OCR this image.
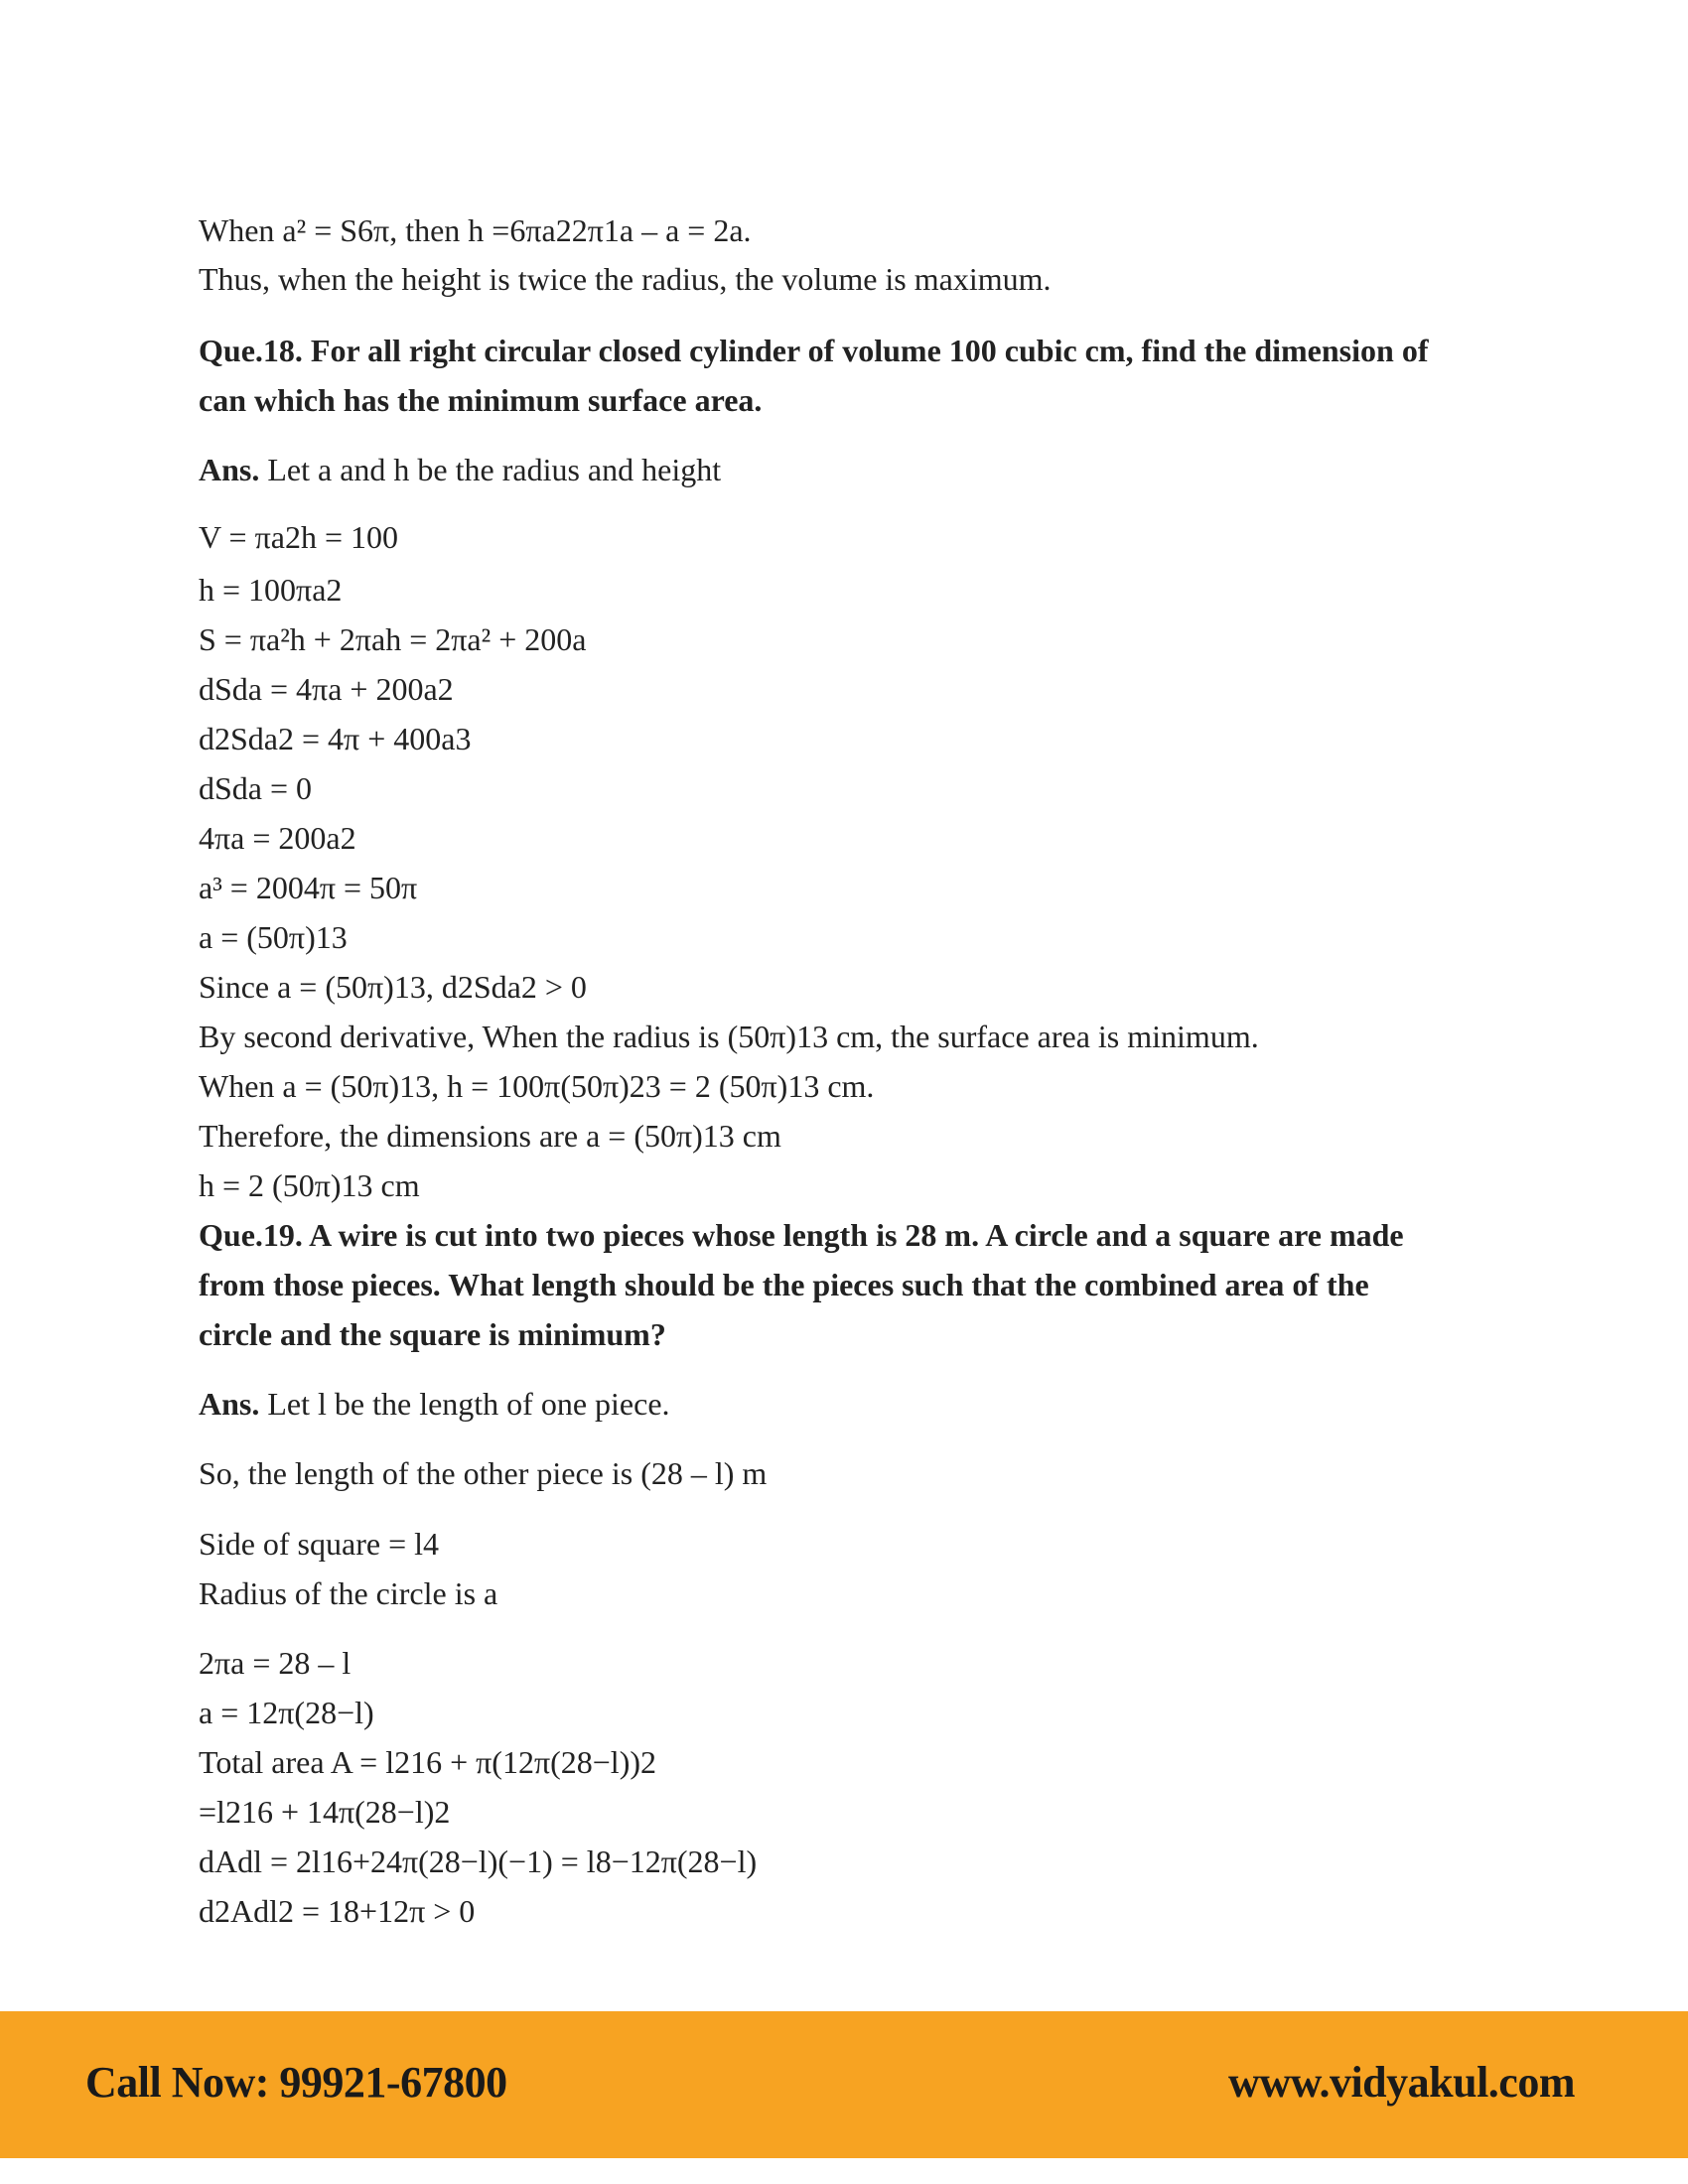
When a² = S6π, then h =6πa22π1a – a = 2a.
Thus, when the height is twice the radius, the volume is maximum.
Que.18. For all right circular closed cylinder of volume 100 cubic cm, find the dimension of
can which has the minimum surface area.
Ans. Let a and h be the radius and height
V = πa2h = 100
h = 100πa2
S = πa²h + 2πah = 2πa² + 200a
dSda = 4πa + 200a2
d2Sda2 = 4π + 400a3
dSda = 0
4πa = 200a2
a³ = 2004π = 50π
a = (50π)13
Since a = (50π)13, d2Sda2 > 0
By second derivative, When the radius is (50π)13 cm, the surface area is minimum.
When a = (50π)13, h = 100π(50π)23 = 2 (50π)13 cm.
Therefore, the dimensions are a = (50π)13 cm
h = 2 (50π)13 cm
Que.19. A wire is cut into two pieces whose length is 28 m. A circle and a square are made
from those pieces. What length should be the pieces such that the combined area of the
circle and the square is minimum?
Ans. Let l be the length of one piece.
So, the length of the other piece is (28 – l) m
Side of square = l4
Radius of the circle is a
2πa = 28 – l
a = 12π(28−l)
Total area A = l216 + π(12π(28−l))2
=l216 + 14π(28−l)2
dAdl = 2l16+24π(28−l)(−1) = l8−12π(28−l)
d2Adl2 = 18+12π > 0
Call Now: 99921-67800	www.vidyakul.com
